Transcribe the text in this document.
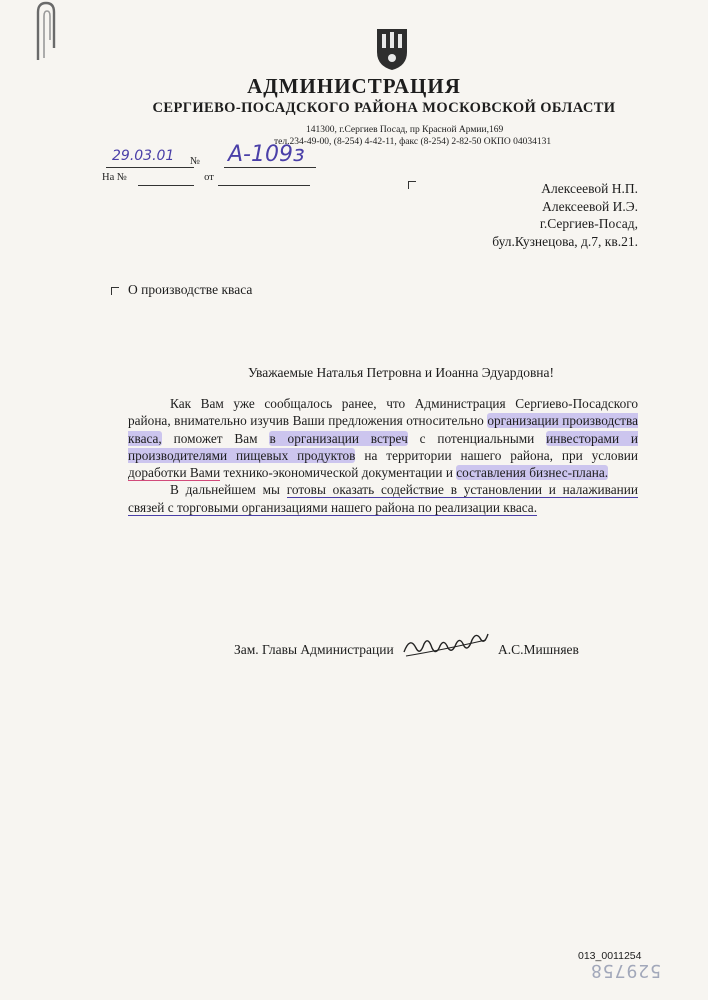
АДМИНИСТРАЦИЯ
СЕРГИЕВО-ПОСАДСКОГО РАЙОНА МОСКОВСКОЙ ОБЛАСТИ
141300, г.Сергиев Посад, пр Красной Армии,169
тел.234-49-00, (8-254) 4-42-11, факс (8-254) 2-82-50 ОКПО 04034131
29.03.01 № А-109з
На №	от
Алексеевой Н.П.
Алексеевой И.Э.
г.Сергиев-Посад,
бул.Кузнецова, д.7, кв.21.
О производстве кваса
Уважаемые Наталья Петровна и Иоанна Эдуардовна!

Как Вам уже сообщалось ранее, что Администрация Сергиево-Посадского района, внимательно изучив Ваши предложения относительно организации производства кваса, поможет Вам в организации встреч с потенциальными инвесторами и производителями пищевых продуктов на территории нашего района, при условии доработки Вами технико-экономической документации и составления бизнес-плана.

В дальнейшем мы готовы оказать содействие в установлении и налаживании связей с торговыми организациями нашего района по реализации кваса.

Зам. Главы Администрации	А.С.Мишняев
013_0011254
529758
